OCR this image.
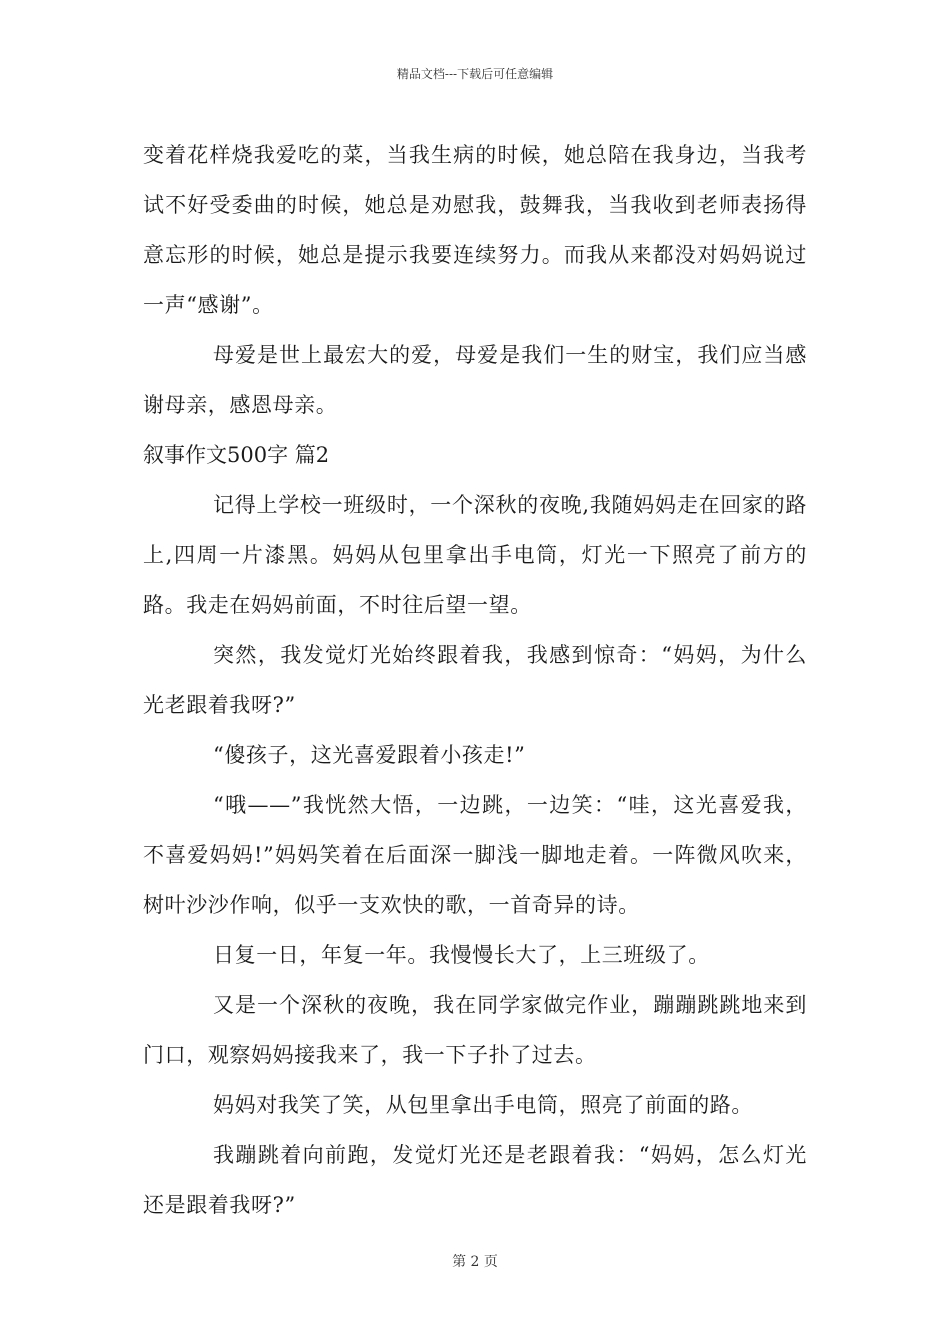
精品文档---下载后可任意编辑

变着花样烧我爱吃的菜，当我生病的时候，她总陪在我身边，当我考试不好受委曲的时候，她总是劝慰我，鼓舞我，当我收到老师表扬得意忘形的时候，她总是提示我要连续努力。而我从来都没对妈妈说过一声“感谢”。

母爱是世上最宏大的爱，母爱是我们一生的财宝，我们应当感谢母亲，感恩母亲。

叙事作文500字 篇2

记得上学校一班级时，一个深秋的夜晚,我随妈妈走在回家的路上,四周一片漆黑。妈妈从包里拿出手电筒，灯光一下照亮了前方的路。我走在妈妈前面，不时往后望一望。

突然，我发觉灯光始终跟着我，我感到惊奇：“妈妈，为什么光老跟着我呀?”

“傻孩子，这光喜爱跟着小孩走!”

“哦——”我恍然大悟，一边跳，一边笑：“哇，这光喜爱我，不喜爱妈妈!”妈妈笑着在后面深一脚浅一脚地走着。一阵微风吹来，树叶沙沙作响，似乎一支欢快的歌，一首奇异的诗。

日复一日，年复一年。我慢慢长大了，上三班级了。

又是一个深秋的夜晚，我在同学家做完作业，蹦蹦跳跳地来到门口，观察妈妈接我来了，我一下子扑了过去。

妈妈对我笑了笑，从包里拿出手电筒，照亮了前面的路。

我蹦跳着向前跑，发觉灯光还是老跟着我：“妈妈，怎么灯光还是跟着我呀?”

第 2 页
